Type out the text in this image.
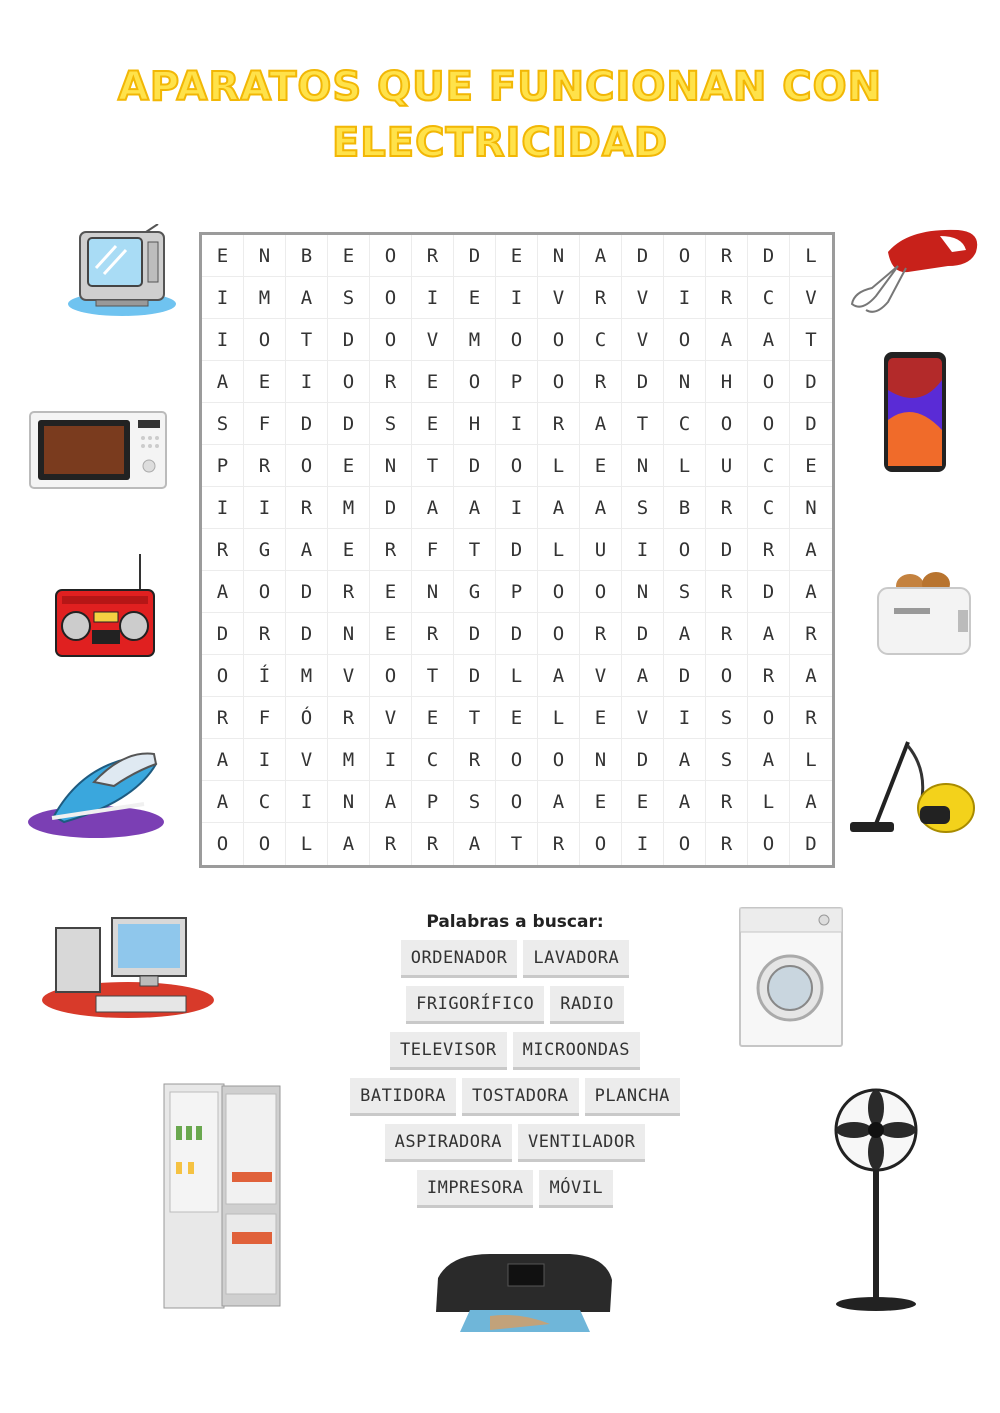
APARATOS QUE FUNCIONAN CON
ELECTRICIDAD
E	N	B	E	O	R	D	E	N	A	D	O	R	D	L
I	M	A	S	O	I	E	I	V	R	V	I	R	C	V
I	O	T	D	O	V	M	O	O	C	V	O	A	A	T
A	E	I	O	R	E	O	P	O	R	D	N	H	O	D
S	F	D	D	S	E	H	I	R	A	T	C	O	O	D
P	R	O	E	N	T	D	O	L	E	N	L	U	C	E
I	I	R	M	D	A	A	I	A	A	S	B	R	C	N
R	G	A	E	R	F	T	D	L	U	I	O	D	R	A
A	O	D	R	E	N	G	P	O	O	N	S	R	D	A
D	R	D	N	E	R	D	D	O	R	D	A	R	A	R
O	Í	M	V	O	T	D	L	A	V	A	D	O	R	A
R	F	Ó	R	V	E	T	E	L	E	V	I	S	O	R
A	I	V	M	I	C	R	O	O	N	D	A	S	A	L
A	C	I	N	A	P	S	O	A	E	E	A	R	L	A
O	O	L	A	R	R	A	T	R	O	I	O	R	O	D
Palabras a buscar:
ORDENADOR	LAVADORA
FRIGORÍFICO	RADIO
TELEVISOR	MICROONDAS
BATIDORA	TOSTADORA	PLANCHA
ASPIRADORA	VENTILADOR
IMPRESORA	MÓVIL
